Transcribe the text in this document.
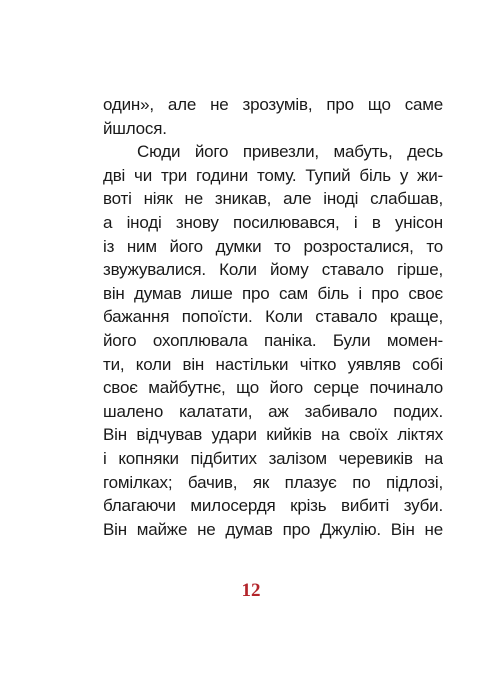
один», але не зрозумів, про що саме
йшлося.
Сюди його привезли, мабуть, десь
дві чи три години тому. Тупий біль у жи-
воті ніяк не зникав, але іноді слабшав,
а іноді знову посилювався, і в унісон
із ним його думки то розросталися, то
звужувалися. Коли йому ставало гірше,
він думав лише про сам біль і про своє
бажання попоїсти. Коли ставало краще,
його охоплювала паніка. Були момен-
ти, коли він настільки чітко уявляв собі
своє майбутнє, що його серце починало
шалено калатати, аж забивало подих.
Він відчував удари кийків на своїх ліктях
і копняки підбитих залізом черевиків на
гомілках; бачив, як плазує по підлозі,
благаючи милосердя крізь вибиті зуби.
Він майже не думав про Джулію. Він не
12
